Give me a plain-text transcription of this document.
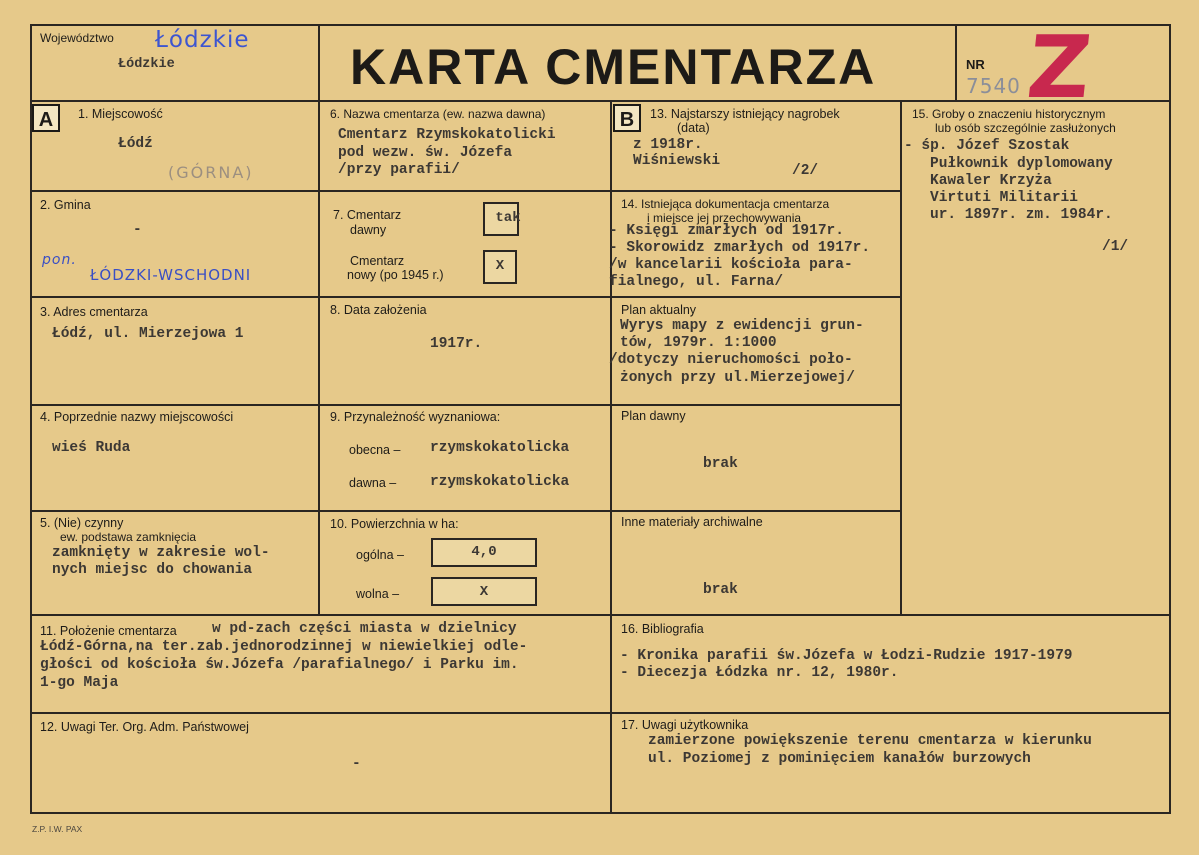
Województwo Łódzkie
Łódzkie	KARTA CMENTARZA	NR
7540 Z
A	B
1. Miejscowość
Łódź
(GÓRNA)
2. Gmina
-
pon.
ŁÓDZKI-WSCHODNI
3. Adres cmentarza
Łódź, ul. Mierzejowa 1
4. Poprzednie nazwy miejscowości
wieś Ruda
5. (Nie) czynny
ew. podstawa zamknięcia
zamknięty w zakresie wol-
nych miejsc do chowania
6. Nazwa cmentarza (ew. nazwa dawna)
Cmentarz Rzymskokatolicki
pod wezw. św. Józefa
/przy parafii/
7. Cmentarz
dawny
tak
Cmentarz
nowy (po 1945 r.)
X
8. Data założenia
1917r.
9. Przynależność wyznaniowa:
obecna – rzymskokatolicka
dawna – rzymskokatolicka
10. Powierzchnia w ha:
ogólna –	4,0
wolna –	X
13. Najstarszy istniejący nagrobek
(data)
z 1918r.
Wiśniewski
/2/
14. Istniejąca dokumentacja cmentarza
i miejsce jej przechowywania
- Księgi zmarłych od 1917r.
- Skorowidz zmarłych od 1917r.
/w kancelarii kościoła para-
fialnego, ul. Farna/
Plan aktualny
Wyrys mapy z ewidencji grun-
tów, 1979r. 1:1000
/dotyczy nieruchomości poło-
żonych przy ul.Mierzejowej/
Plan dawny
brak
Inne materiały archiwalne
brak
15. Groby o znaczeniu historycznym
lub osób szczególnie zasłużonych
- śp. Józef Szostak
Pułkownik dyplomowany
Kawaler Krzyża
Virtuti Militarii
ur. 1897r. zm. 1984r.
/1/
11. Położenie cmentarza w pd-zach części miasta w dzielnicy
Łódź-Górna,na ter.zab.jednorodzinnej w niewielkiej odle-
głości od kościoła św.Józefa /parafialnego/ i Parku im.
1-go Maja
16. Bibliografia
- Kronika parafii św.Józefa w Łodzi-Rudzie 1917-1979
- Diecezja Łódzka nr. 12, 1980r.
12. Uwagi Ter. Org. Adm. Państwowej
-
17. Uwagi użytkownika
zamierzone powiększenie terenu cmentarza w kierunku
ul. Poziomej z pominięciem kanałów burzowych
Z.P. I.W. PAX
